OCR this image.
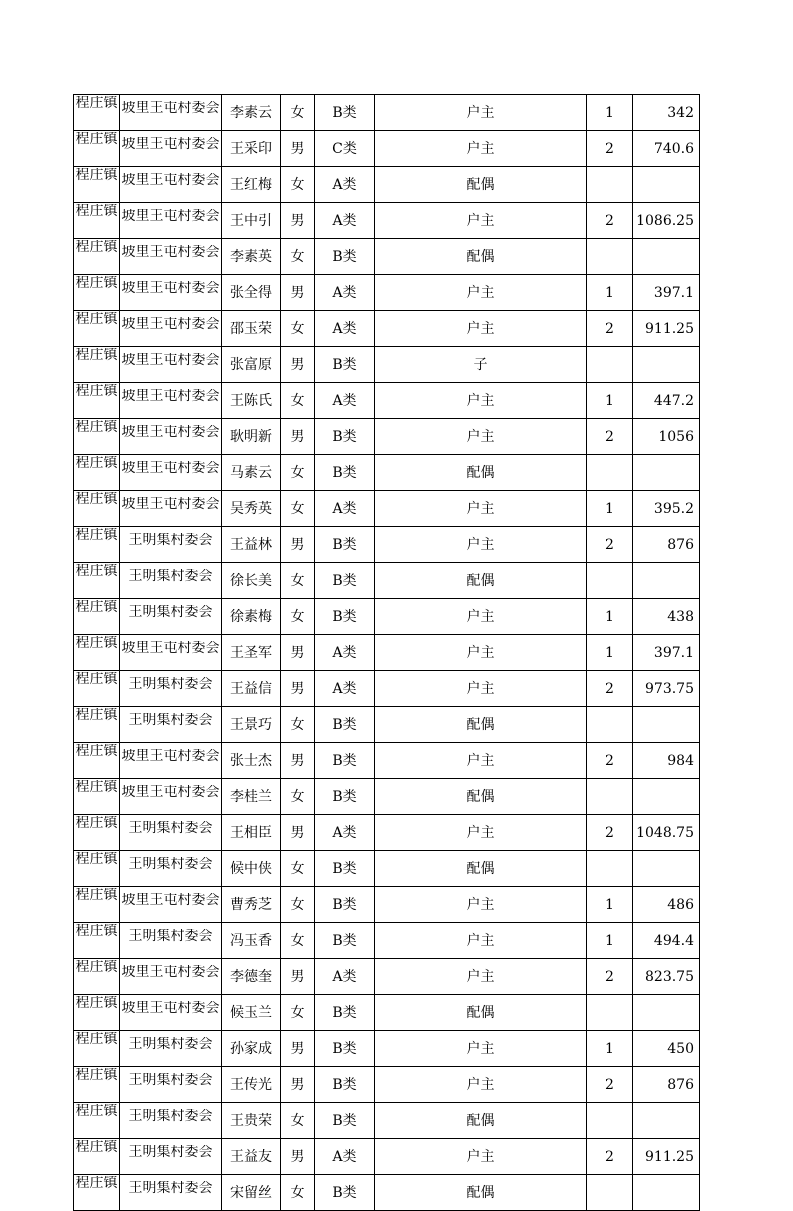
程庄镇	坡里王屯村委会	李素云	女	B类	户主	1	342

程庄镇	坡里王屯村委会	王采印	男	C类	户主	2	740.6

程庄镇	坡里王屯村委会	王红梅	女	A类	配偶		

程庄镇	坡里王屯村委会	王中引	男	A类	户主	2	1086.25

程庄镇	坡里王屯村委会	李素英	女	B类	配偶		

程庄镇	坡里王屯村委会	张全得	男	A类	户主	1	397.1

程庄镇	坡里王屯村委会	邵玉荣	女	A类	户主	2	911.25

程庄镇	坡里王屯村委会	张富原	男	B类	子		

程庄镇	坡里王屯村委会	王陈氏	女	A类	户主	1	447.2

程庄镇	坡里王屯村委会	耿明新	男	B类	户主	2	1056

程庄镇	坡里王屯村委会	马素云	女	B类	配偶		

程庄镇	坡里王屯村委会	吴秀英	女	A类	户主	1	395.2

程庄镇	王明集村委会	王益林	男	B类	户主	2	876

程庄镇	王明集村委会	徐长美	女	B类	配偶		

程庄镇	王明集村委会	徐素梅	女	B类	户主	1	438

程庄镇	坡里王屯村委会	王圣军	男	A类	户主	1	397.1

程庄镇	王明集村委会	王益信	男	A类	户主	2	973.75

程庄镇	王明集村委会	王景巧	女	B类	配偶		

程庄镇	坡里王屯村委会	张士杰	男	B类	户主	2	984

程庄镇	坡里王屯村委会	李桂兰	女	B类	配偶		

程庄镇	王明集村委会	王相臣	男	A类	户主	2	1048.75

程庄镇	王明集村委会	候中侠	女	B类	配偶		

程庄镇	坡里王屯村委会	曹秀芝	女	B类	户主	1	486

程庄镇	王明集村委会	冯玉香	女	B类	户主	1	494.4

程庄镇	坡里王屯村委会	李德奎	男	A类	户主	2	823.75

程庄镇	坡里王屯村委会	候玉兰	女	B类	配偶		

程庄镇	王明集村委会	孙家成	男	B类	户主	1	450

程庄镇	王明集村委会	王传光	男	B类	户主	2	876

程庄镇	王明集村委会	王贵荣	女	B类	配偶		

程庄镇	王明集村委会	王益友	男	A类	户主	2	911.25

程庄镇	王明集村委会	宋留丝	女	B类	配偶		
